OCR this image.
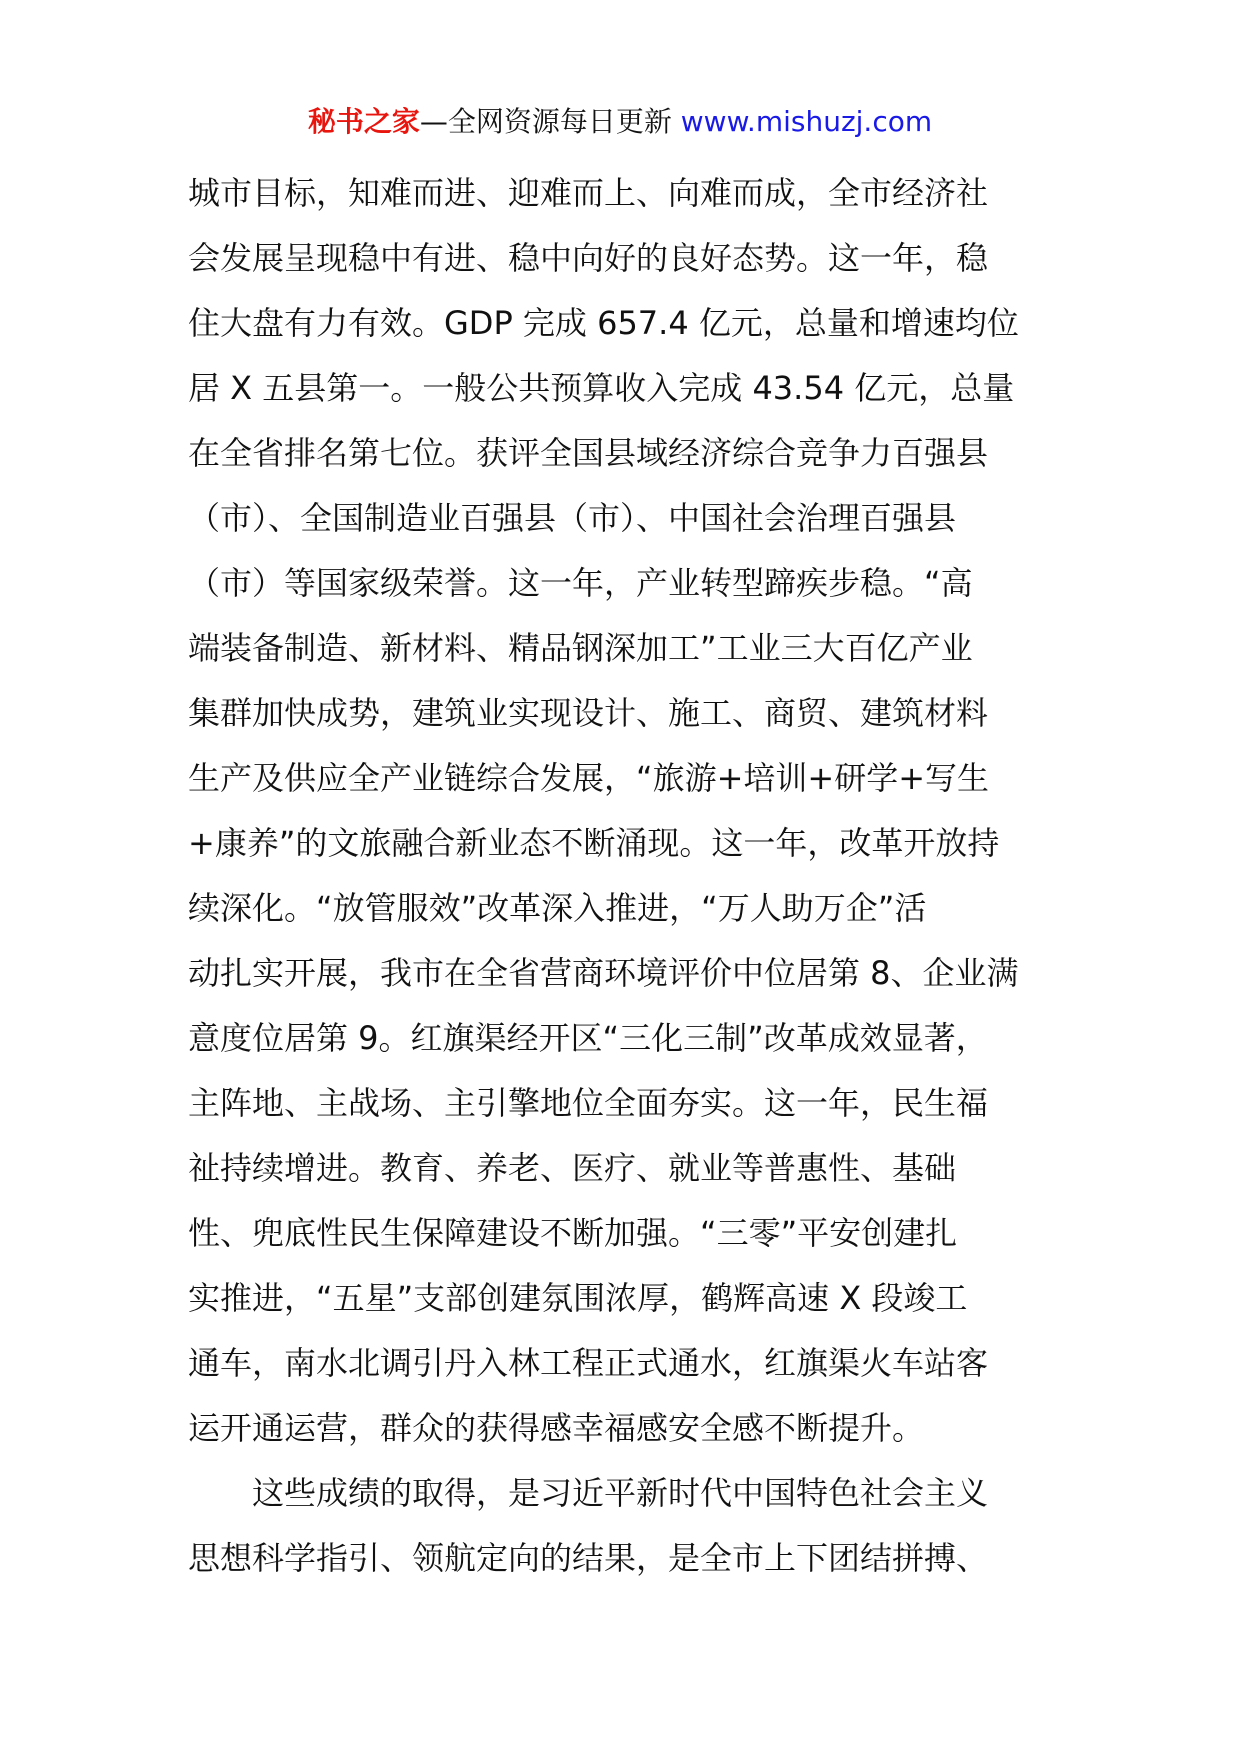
秘书之家—全网资源每日更新 www.mishuzj.com
城市目标，知难而进、迎难而上、向难而成，全市经济社
会发展呈现稳中有进、稳中向好的良好态势。这一年，稳
住大盘有力有效。GDP 完成 657.4 亿元，总量和增速均位
居 X 五县第一。一般公共预算收入完成 43.54 亿元，总量
在全省排名第七位。获评全国县域经济综合竞争力百强县
（市）、全国制造业百强县（市）、中国社会治理百强县
（市）等国家级荣誉。这一年，产业转型蹄疾步稳。“高
端装备制造、新材料、精品钢深加工”工业三大百亿产业
集群加快成势，建筑业实现设计、施工、商贸、建筑材料
生产及供应全产业链综合发展，“旅游+培训+研学+写生
+康养”的文旅融合新业态不断涌现。这一年，改革开放持
续深化。“放管服效”改革深入推进，“万人助万企”活
动扎实开展，我市在全省营商环境评价中位居第 8、企业满
意度位居第 9。红旗渠经开区“三化三制”改革成效显著，
主阵地、主战场、主引擎地位全面夯实。这一年，民生福
祉持续增进。教育、养老、医疗、就业等普惠性、基础
性、兜底性民生保障建设不断加强。“三零”平安创建扎
实推进，“五星”支部创建氛围浓厚，鹤辉高速 X 段竣工
通车，南水北调引丹入林工程正式通水，红旗渠火车站客
运开通运营，群众的获得感幸福感安全感不断提升。
　　这些成绩的取得，是习近平新时代中国特色社会主义
思想科学指引、领航定向的结果，是全市上下团结拼搏、
